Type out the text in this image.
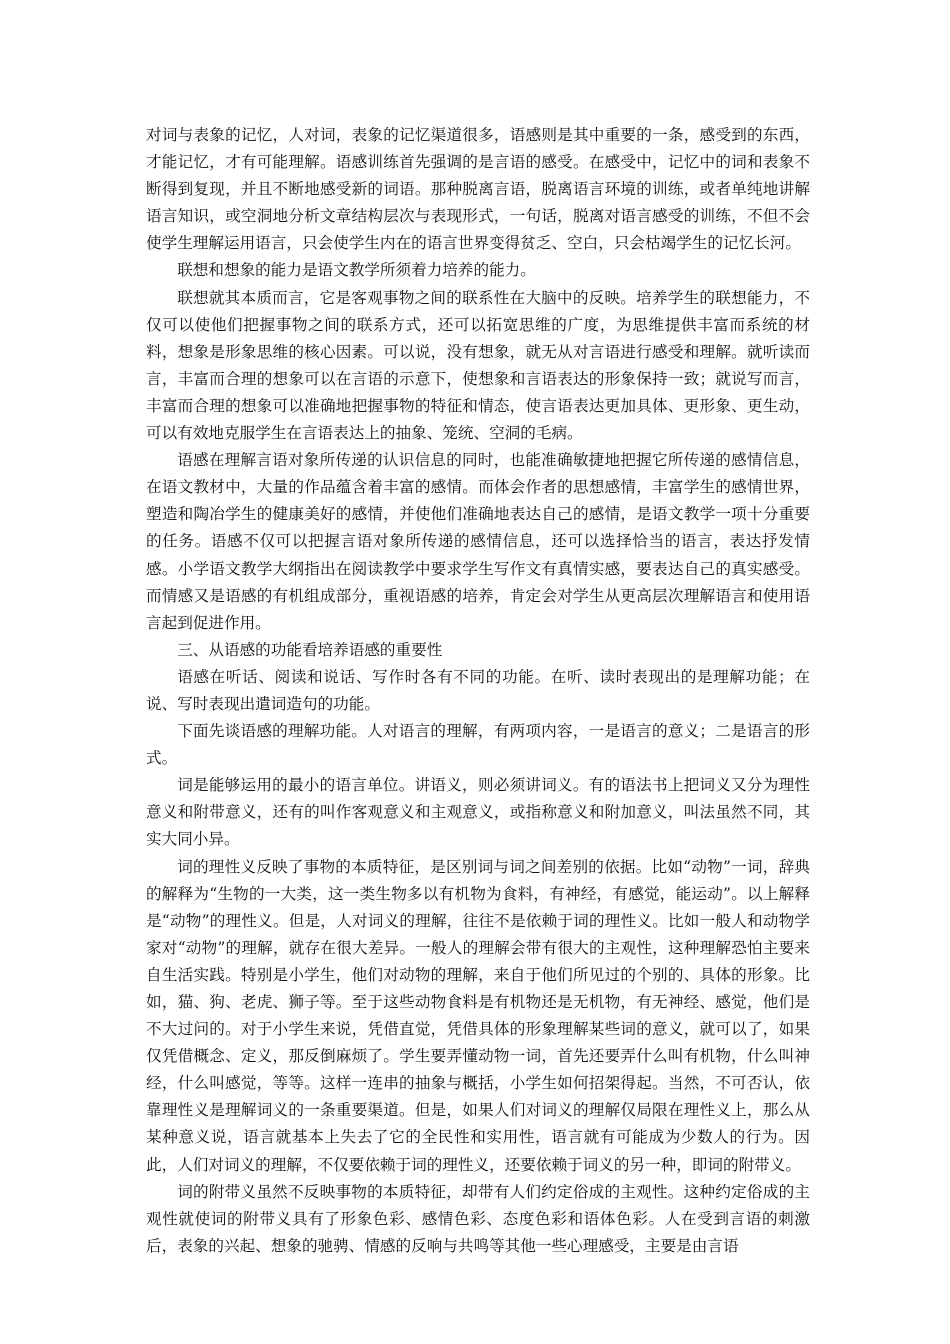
对词与表象的记忆，人对词，表象的记忆渠道很多，语感则是其中重要的一条，感受到的东西，才能记忆，才有可能理解。语感训练首先强调的是言语的感受。在感受中，记忆中的词和表象不断得到复现，并且不断地感受新的词语。那种脱离言语，脱离语言环境的训练，或者单纯地讲解语言知识，或空洞地分析文章结构层次与表现形式，一句话，脱离对语言感受的训练，不但不会使学生理解运用语言，只会使学生内在的语言世界变得贫乏、空白，只会枯竭学生的记忆长河。

联想和想象的能力是语文教学所须着力培养的能力。

联想就其本质而言，它是客观事物之间的联系性在大脑中的反映。培养学生的联想能力，不仅可以使他们把握事物之间的联系方式，还可以拓宽思维的广度，为思维提供丰富而系统的材料，想象是形象思维的核心因素。可以说，没有想象，就无从对言语进行感受和理解。就听读而言，丰富而合理的想象可以在言语的示意下，使想象和言语表达的形象保持一致；就说写而言，丰富而合理的想象可以准确地把握事物的特征和情态，使言语表达更加具体、更形象、更生动，可以有效地克服学生在言语表达上的抽象、笼统、空洞的毛病。

语感在理解言语对象所传递的认识信息的同时，也能准确敏捷地把握它所传递的感情信息，在语文教材中，大量的作品蕴含着丰富的感情。而体会作者的思想感情，丰富学生的感情世界，塑造和陶冶学生的健康美好的感情，并使他们准确地表达自己的感情，是语文教学一项十分重要的任务。语感不仅可以把握言语对象所传递的感情信息，还可以选择恰当的语言，表达抒发情感。小学语文教学大纲指出在阅读教学中要求学生写作文有真情实感，要表达自己的真实感受。而情感又是语感的有机组成部分，重视语感的培养，肯定会对学生从更高层次理解语言和使用语言起到促进作用。

三、从语感的功能看培养语感的重要性

语感在听话、阅读和说话、写作时各有不同的功能。在听、读时表现出的是理解功能；在说、写时表现出遣词造句的功能。

下面先谈语感的理解功能。人对语言的理解，有两项内容，一是语言的意义；二是语言的形式。

词是能够运用的最小的语言单位。讲语义，则必须讲词义。有的语法书上把词义又分为理性意义和附带意义，还有的叫作客观意义和主观意义，或指称意义和附加意义，叫法虽然不同，其实大同小异。

词的理性义反映了事物的本质特征，是区别词与词之间差别的依据。比如“动物”一词，辞典的解释为“生物的一大类，这一类生物多以有机物为食料，有神经，有感觉，能运动”。以上解释是“动物”的理性义。但是，人对词义的理解，往往不是依赖于词的理性义。比如一般人和动物学家对“动物”的理解，就存在很大差异。一般人的理解会带有很大的主观性，这种理解恐怕主要来自生活实践。特别是小学生，他们对动物的理解，来自于他们所见过的个别的、具体的形象。比如，猫、狗、老虎、狮子等。至于这些动物食料是有机物还是无机物，有无神经、感觉，他们是不大过问的。对于小学生来说，凭借直觉，凭借具体的形象理解某些词的意义，就可以了，如果仅凭借概念、定义，那反倒麻烦了。学生要弄懂动物一词，首先还要弄什么叫有机物，什么叫神经，什么叫感觉，等等。这样一连串的抽象与概括，小学生如何招架得起。当然，不可否认，依靠理性义是理解词义的一条重要渠道。但是，如果人们对词义的理解仅局限在理性义上，那么从某种意义说，语言就基本上失去了它的全民性和实用性，语言就有可能成为少数人的行为。因此，人们对词义的理解，不仅要依赖于词的理性义，还要依赖于词义的另一种，即词的附带义。

词的附带义虽然不反映事物的本质特征，却带有人们约定俗成的主观性。这种约定俗成的主观性就使词的附带义具有了形象色彩、感情色彩、态度色彩和语体色彩。人在受到言语的刺激后，表象的兴起、想象的驰骋、情感的反响与共鸣等其他一些心理感受，主要是由言语
